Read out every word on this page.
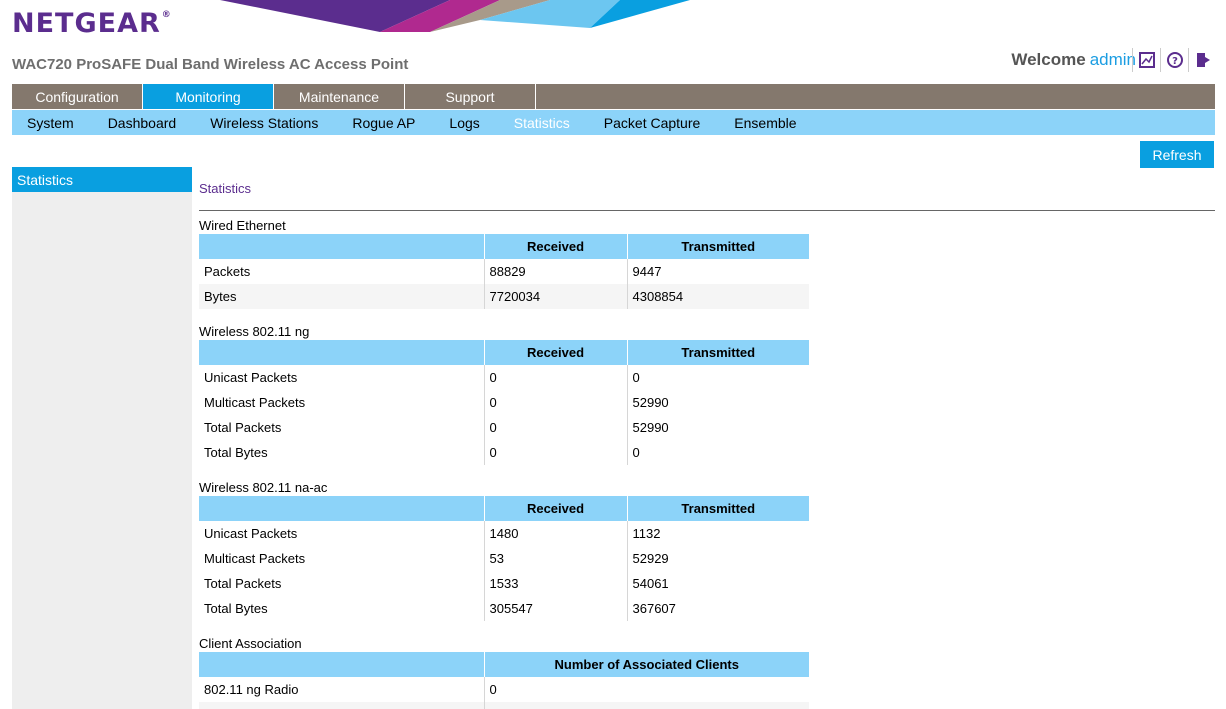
NETGEAR®
WAC720 ProSAFE Dual Band Wireless AC Access Point	Welcome admin	?
Configuration	Monitoring	Maintenance	Support
System Dashboard Wireless Stations Rogue AP Logs Statistics Packet Capture Ensemble
Refresh
Statistics
Statistics
Wired Ethernet
	Received	Transmitted
Packets	88829	9447
Bytes	7720034	4308854
Wireless 802.11 ng
	Received	Transmitted
Unicast Packets	0	0
Multicast Packets	0	52990
Total Packets	0	52990
Total Bytes	0	0
Wireless 802.11 na-ac
	Received	Transmitted
Unicast Packets	1480	1132
Multicast Packets	53	52929
Total Packets	1533	54061
Total Bytes	305547	367607
Client Association
	Number of Associated Clients
802.11 ng Radio	0
